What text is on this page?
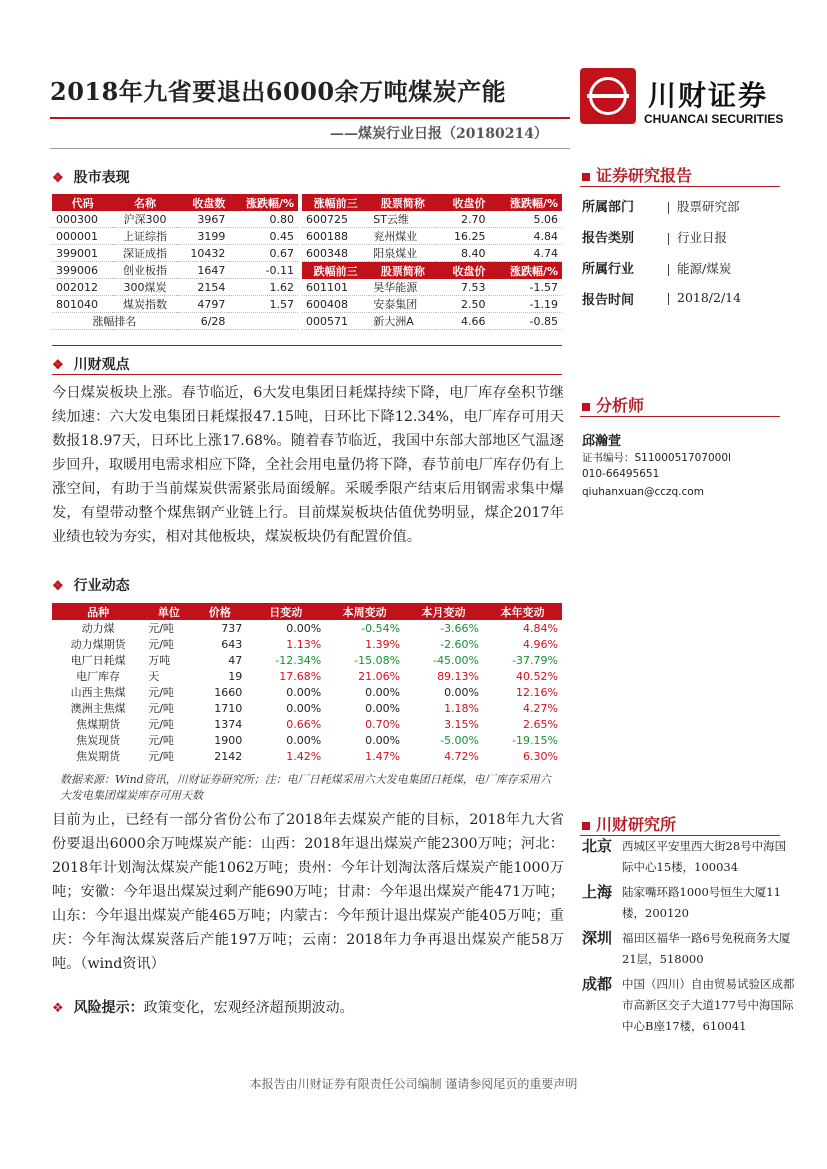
2018年九省要退出6000余万吨煤炭产能
——煤炭行业日报（20180214）
川财证券
CHUANCAI SECURITIES
❖ 股市表现
代码	名称	收盘数	涨跌幅/%
000300	沪深300	3967	0.80
000001	上证综指	3199	0.45
399001	深证成指	10432	0.67
399006	创业板指	1647	-0.11
002012	300煤炭	2154	1.62
801040	煤炭指数	4797	1.57
涨幅排名		6/28	
涨幅前三	股票简称	收盘价	涨跌幅/%
600725	ST云维	2.70	5.06
600188	兖州煤业	16.25	4.84
600348	阳泉煤业	8.40	4.74
跌幅前三	股票简称	收盘价	涨跌幅/%
601101	昊华能源	7.53	-1.57
600408	安泰集团	2.50	-1.19
000571	新大洲A	4.66	-0.85
❖ 川财观点
今日煤炭板块上涨。春节临近，6大发电集团日耗煤持续下降，电厂库存垒积节继续加速：六大发电集团日耗煤报47.15吨，日环比下降12.34%，电厂库存可用天数报18.97天，日环比上涨17.68%。随着春节临近，我国中东部大部地区气温逐步回升，取暖用电需求相应下降，全社会用电量仍将下降，春节前电厂库存仍有上涨空间，有助于当前煤炭供需紧张局面缓解。采暖季限产结束后用钢需求集中爆发，有望带动整个煤焦钢产业链上行。目前煤炭板块估值优势明显，煤企2017年业绩也较为夯实，相对其他板块，煤炭板块仍有配置价值。
❖ 行业动态
品种	单位	价格	日变动	本周变动	本月变动	本年变动
动力煤	元/吨	737	0.00%	-0.54%	-3.66%	4.84%
动力煤期货	元/吨	643	1.13%	1.39%	-2.60%	4.96%
电厂日耗煤	万吨	47	-12.34%	-15.08%	-45.00%	-37.79%
电厂库存	天	19	17.68%	21.06%	89.13%	40.52%
山西主焦煤	元/吨	1660	0.00%	0.00%	0.00%	12.16%
澳洲主焦煤	元/吨	1710	0.00%	0.00%	1.18%	4.27%
焦煤期货	元/吨	1374	0.66%	0.70%	3.15%	2.65%
焦炭现货	元/吨	1900	0.00%	0.00%	-5.00%	-19.15%
焦炭期货	元/吨	2142	1.42%	1.47%	4.72%	6.30%
数据来源：Wind资讯，川财证券研究所；注：电厂日耗煤采用六大发电集团日耗煤，电厂库存采用六大发电集团煤炭库存可用天数
目前为止，已经有一部分省份公布了2018年去煤炭产能的目标，2018年九大省份要退出6000余万吨煤炭产能：山西：2018年退出煤炭产能2300万吨；河北：2018年计划淘汰煤炭产能1062万吨；贵州：今年计划淘汰落后煤炭产能1000万吨；安徽：今年退出煤炭过剩产能690万吨；甘肃：今年退出煤炭产能471万吨；山东：今年退出煤炭产能465万吨；内蒙古：今年预计退出煤炭产能405万吨；重庆：今年淘汰煤炭落后产能197万吨；云南：2018年力争再退出煤炭产能58万吨。（wind资讯）
❖ 风险提示：政策变化，宏观经济超预期波动。
证券研究报告
所属部门	股票研究部
报告类别	行业日报
所属行业	能源/煤炭
报告时间	2018/2/14
分析师
邱瀚萱
证书编号：S1100051707000l
010-66495651
qiuhanxuan@cczq.com
川财研究所
北京 西城区平安里西大街28号中海国际中心15楼，100034
上海 陆家嘴环路1000号恒生大厦11楼，200120
深圳 福田区福华一路6号免税商务大厦21层，518000
成都 中国（四川）自由贸易试验区成都市高新区交子大道177号中海国际中心B座17楼，610041
本报告由川财证券有限责任公司编制 谨请参阅尾页的重要声明
